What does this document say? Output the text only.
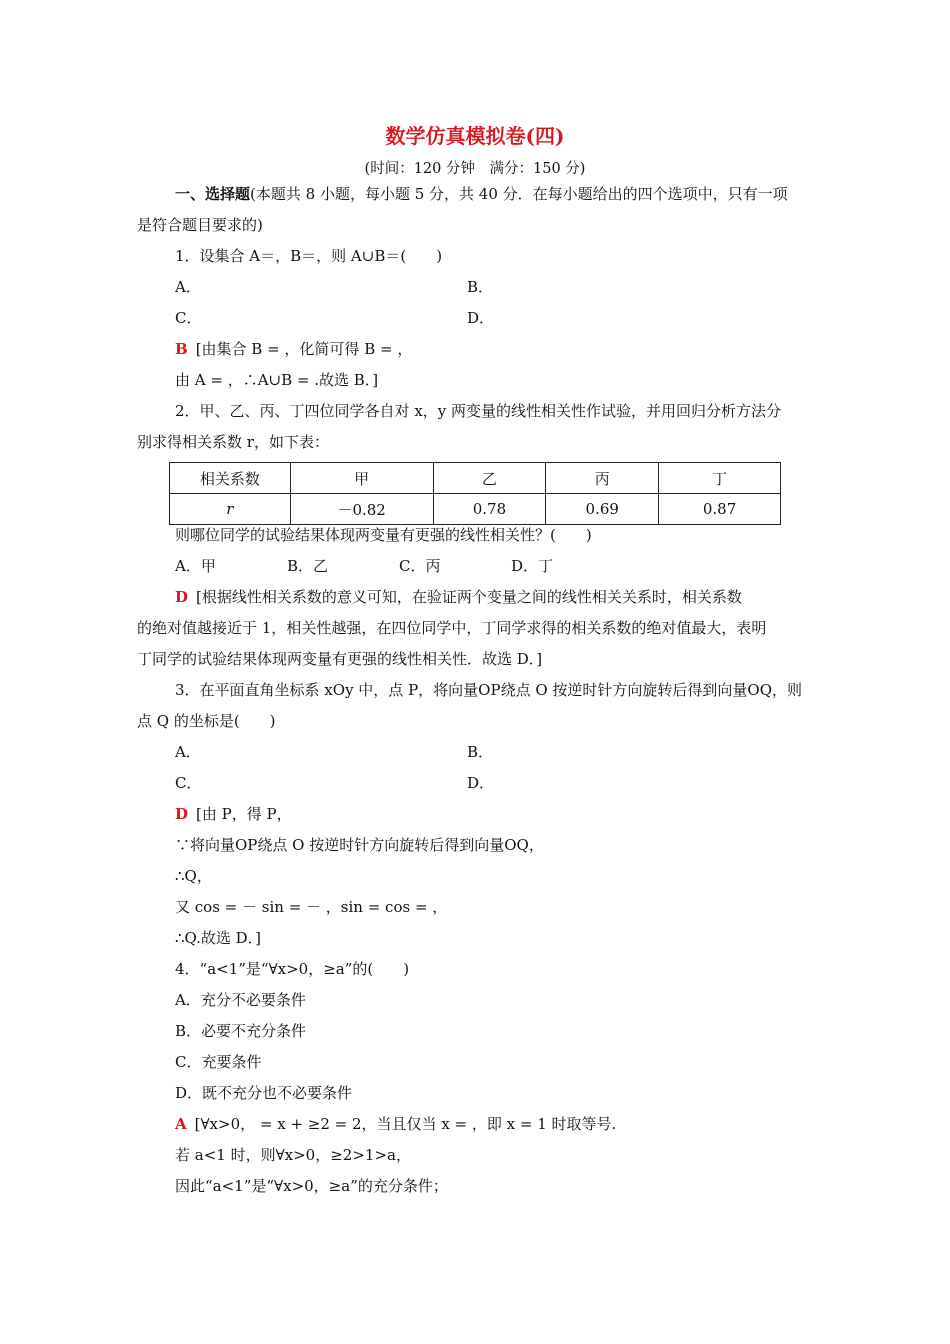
数学仿真模拟卷(四)
(时间：120 分钟　满分：150 分)
一、选择题(本题共 8 小题，每小题 5 分，共 40 分．在每小题给出的四个选项中，只有一项
是符合题目要求的)
1．设集合 A＝，B＝，则 A∪B＝(　　)
A．	B．
C．	D．
B [由集合 B = ，化简可得 B = ，
由 A = ，∴A∪B = .故选 B．]
2．甲、乙、丙、丁四位同学各自对 x，y 两变量的线性相关性作试验，并用回归分析方法分
别求得相关系数 r，如下表：
相关系数	甲	乙	丙	丁
r	－0.82	0.78	0.69	0.87
则哪位同学的试验结果体现两变量有更强的线性相关性？(　　)
A．甲	B．乙	C．丙	D．丁
D [根据线性相关系数的意义可知，在验证两个变量之间的线性相关关系时，相关系数
的绝对值越接近于 1，相关性越强，在四位同学中，丁同学求得的相关系数的绝对值最大，表明
丁同学的试验结果体现两变量有更强的线性相关性．故选 D．]
3．在平面直角坐标系 xOy 中，点 P，将向量OP绕点 O 按逆时针方向旋转后得到向量OQ，则
点 Q 的坐标是(　　)
A．	B．
C．	D．
D [由 P，得 P，
∵将向量OP绕点 O 按逆时针方向旋转后得到向量OQ，
∴Q，
又 cos = － sin = － ，sin = cos = ，
∴Q.故选 D．]
4．“a<1”是“∀x>0，≥a”的(　　)
A．充分不必要条件
B．必要不充分条件
C．充要条件
D．既不充分也不必要条件
A [∀x>0， = x + ≥2 = 2，当且仅当 x = ，即 x = 1 时取等号.
若 a<1 时，则∀x>0，≥2>1>a，
因此“a<1”是“∀x>0，≥a”的充分条件；
